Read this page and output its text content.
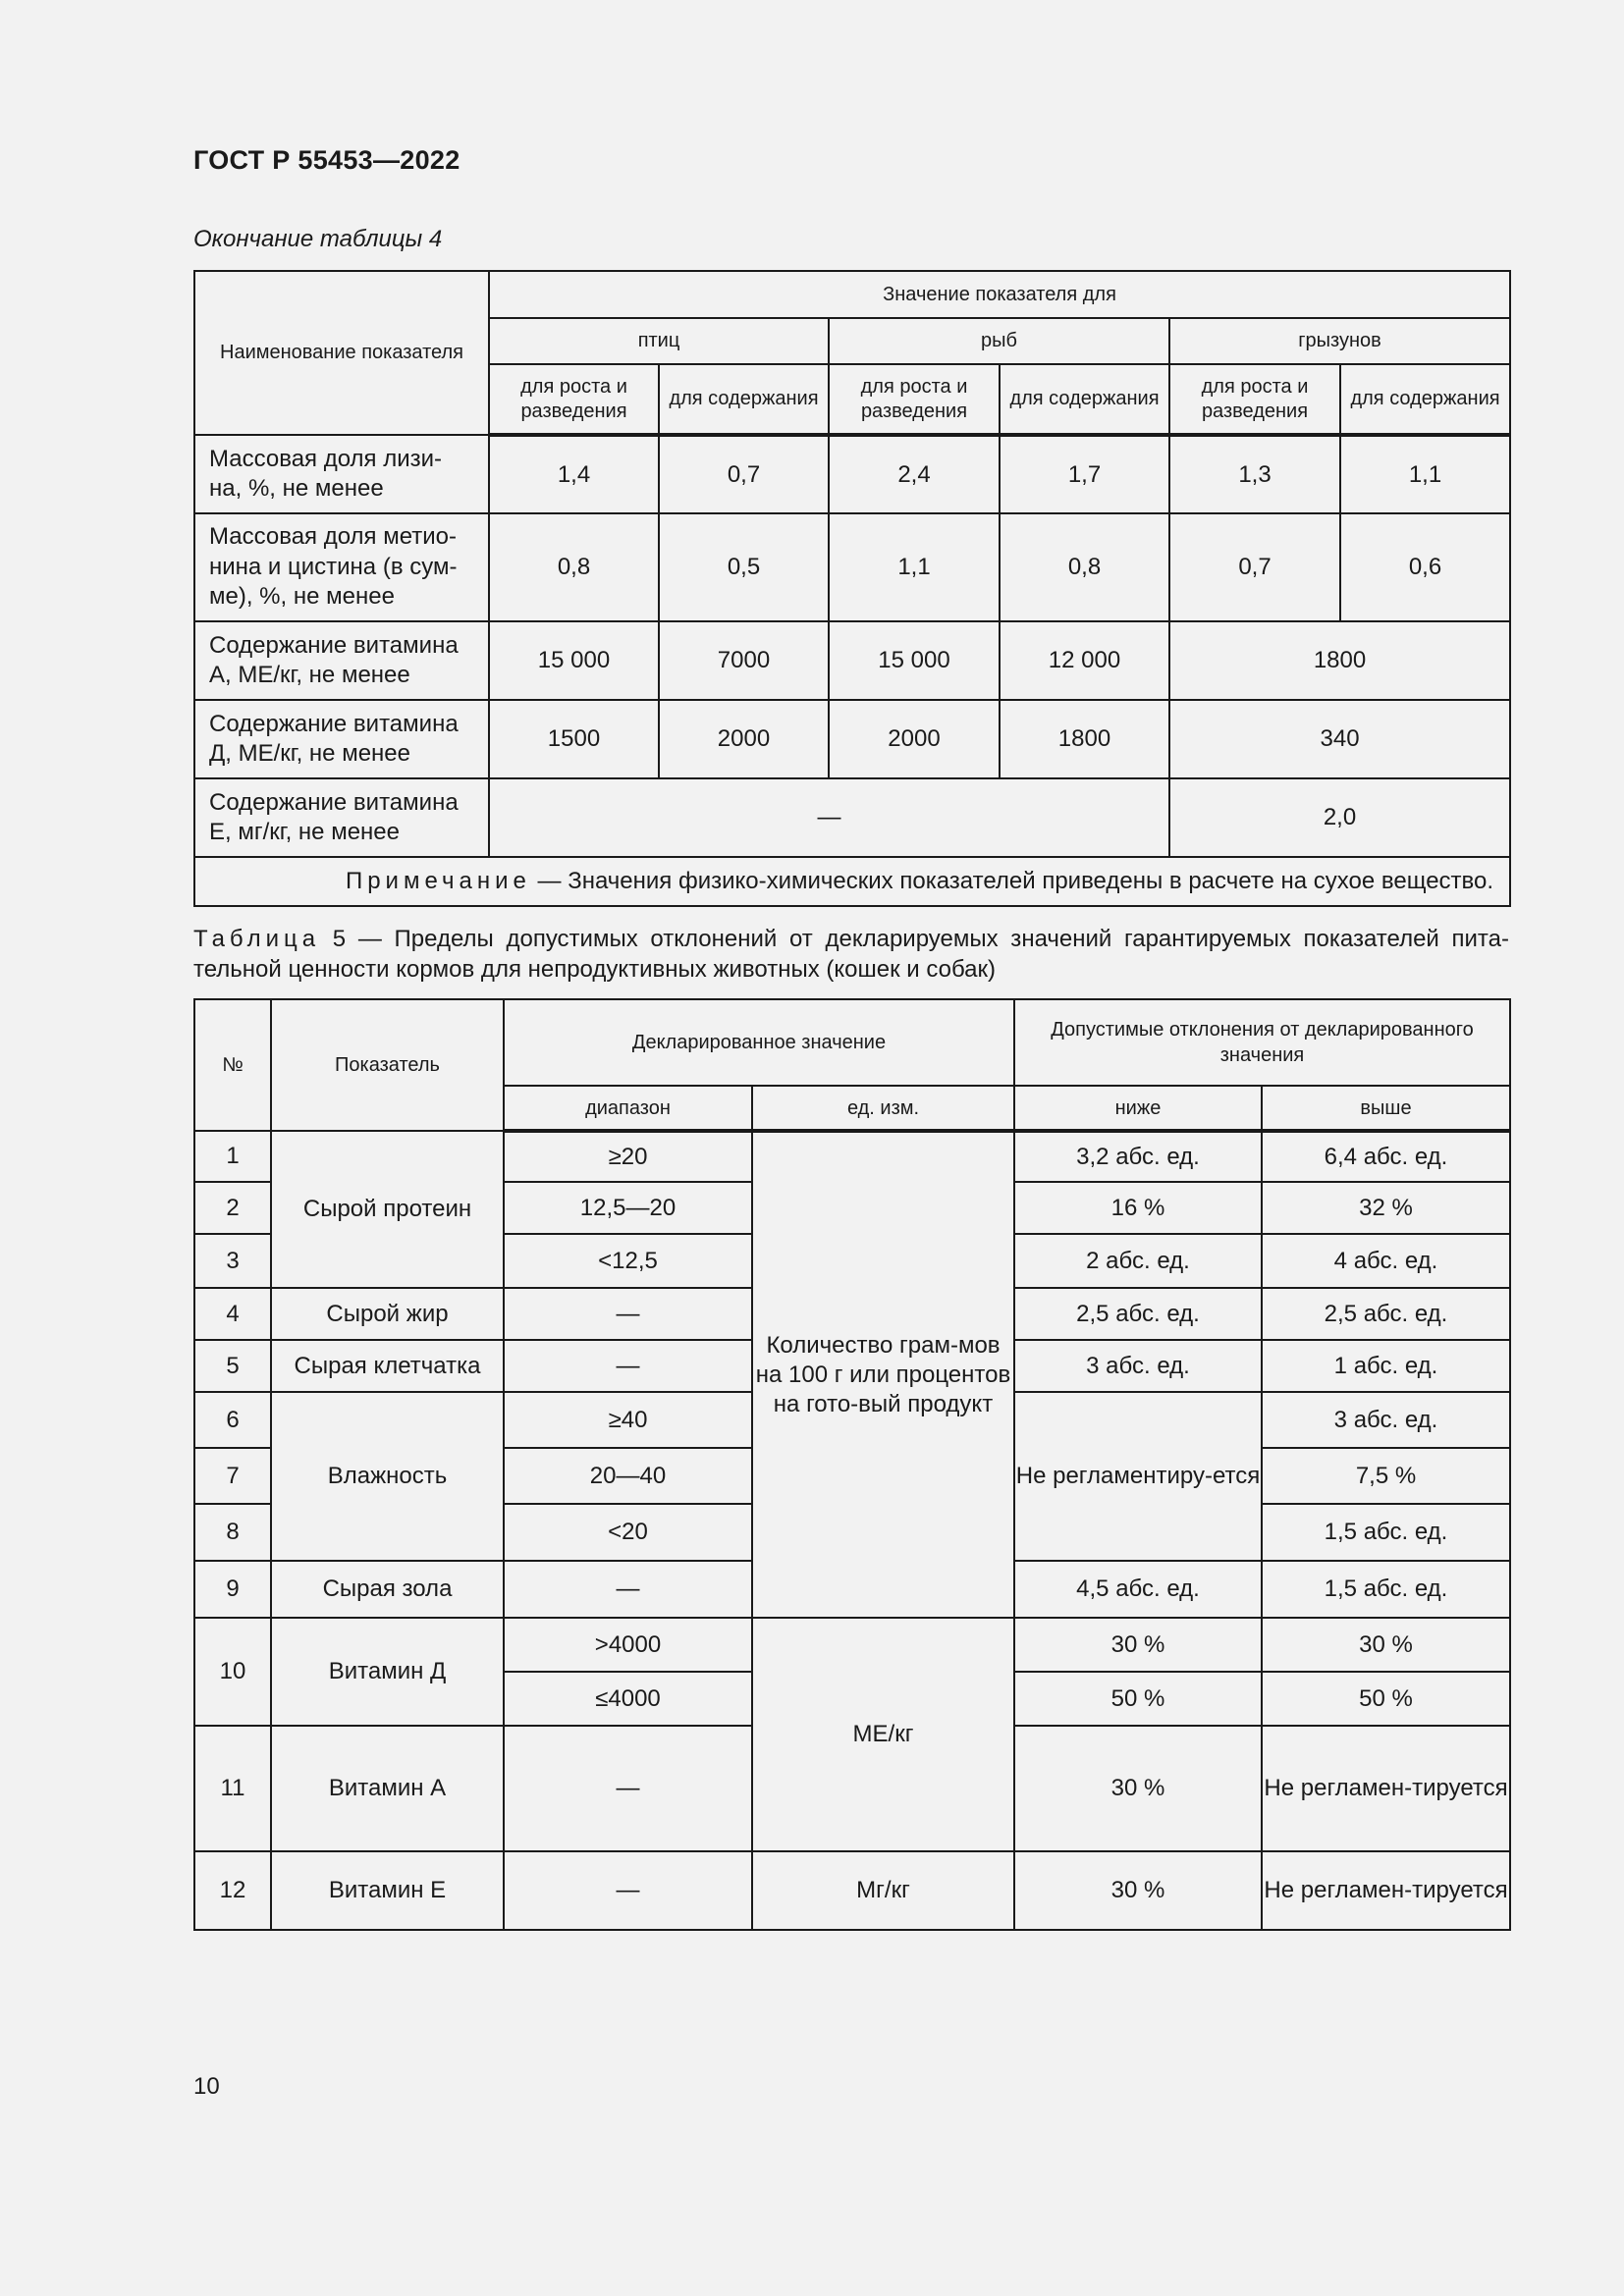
ГОСТ Р 55453—2022
Окончание таблицы 4
Наименование показателя	Значение показателя для					
	птиц		рыб		грызунов	
	для роста и разведения	для содержания	для роста и разведения	для содержания	для роста и разведения	для содержания
Массовая доля лизи-на, %, не менее	1,4	0,7	2,4	1,7	1,3	1,1
Массовая доля метио-нина и цистина (в сум-ме), %, не менее	0,8	0,5	1,1	0,8	0,7	0,6
Содержание витамина А, МЕ/кг, не менее	15 000	7000	15 000	12 000	1800	
Содержание витамина Д, МЕ/кг, не менее	1500	2000	2000	1800	340	
Содержание витамина Е, мг/кг, не менее	—				2,0	
Примечание — Значения физико-химических показателей приведены в расчете на сухое вещество.						
Таблица 5 — Пределы допустимых отклонений от декларируемых значений гарантируемых показателей пита-тельной ценности кормов для непродуктивных животных (кошек и собак)
№	Показатель	Декларированное значение		Допустимые отклонения от декларированного значения	
		диапазон	ед. изм.	ниже	выше
1	Сырой протеин	≥20	Количество грам-мов на 100 г или процентов на гото-вый продукт	3,2 абс. ед.	6,4 абс. ед.
2		12,5—20		16 %	32 %
3		<12,5		2 абс. ед.	4 абс. ед.
4	Сырой жир	—		2,5 абс. ед.	2,5 абс. ед.
5	Сырая клетчатка	—		3 абс. ед.	1 абс. ед.
6	Влажность	≥40		Не регламентиру-ется	3 абс. ед.
7		20—40			7,5 %
8		<20			1,5 абс. ед.
9	Сырая зола	—		4,5 абс. ед.	1,5 абс. ед.
10	Витамин Д	>4000	МЕ/кг	30 %	30 %
		≤4000		50 %	50 %
11	Витамин А	—		30 %	Не регламен-тируется
12	Витамин Е	—	Мг/кг	30 %	Не регламен-тируется
10
